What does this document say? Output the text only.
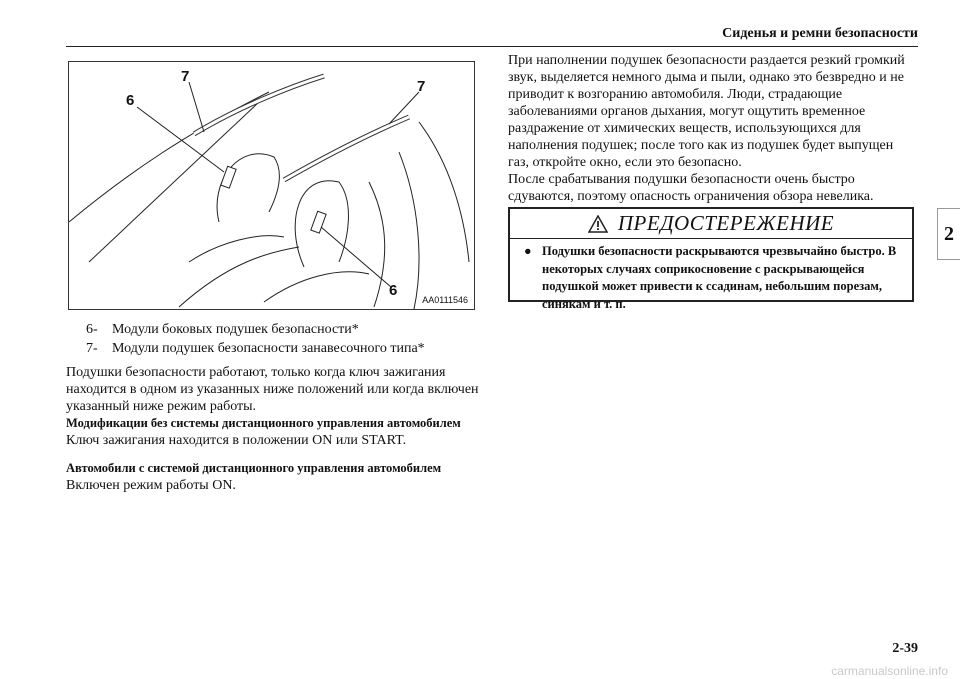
Сиденья и ремни безопасности
2
7
6
7
6
AA0111546
6-	Модули боковых подушек безопасности*
7-	Модули подушек безопасности занавесочного типа*

Подушки безопасности работают, только когда ключ зажигания находится в одном из указанных ниже положений или когда включен указанный ниже режим работы.

Модификации без системы дистанционного управления автомобилем

Ключ зажигания находится в положении ON или START.

Автомобили с системой дистанционного управления автомобилем

Включен режим работы ON.

При наполнении подушек безопасности раздается резкий громкий звук, выделяется немного дыма и пыли, однако это безвредно и не приводит к возгоранию автомобиля. Люди, страдающие заболеваниями органов дыхания, могут ощутить временное раздражение от химических веществ, использующихся для наполнения подушек; после того как из подушек будет выпущен газ, откройте окно, если это безопасно.

После срабатывания подушки безопасности очень быстро сдуваются, поэтому опасность ограничения обзора невелика.

ПРЕДОСТЕРЕЖЕНИЕ
● Подушки безопасности раскрываются чрезвычайно быстро. В некоторых случаях соприкосновение с раскрывающейся подушкой может привести к ссадинам, небольшим порезам, синякам и т. п.
2-39
carmanualsonline.info
